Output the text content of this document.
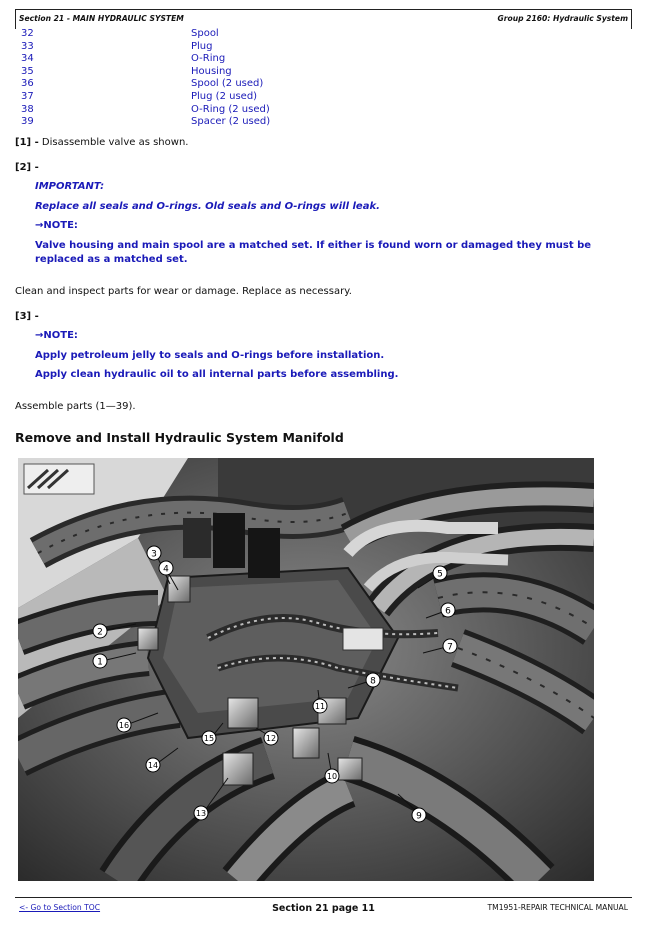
Section 21 - MAIN HYDRAULIC SYSTEM	Group 2160: Hydraulic System
32	Spool
33	Plug
34	O-Ring
35	Housing
36	Spool (2 used)
37	Plug (2 used)
38	O-Ring (2 used)
39	Spacer (2 used)
[1] - Disassemble valve as shown.
[2] -
IMPORTANT:
Replace all seals and O-rings. Old seals and O-rings will leak.
→NOTE:
Valve housing and main spool are a matched set. If either is found worn or damaged they must be
replaced as a matched set.
Clean and inspect parts for wear or damage. Replace as necessary.
[3] -
→NOTE:
Apply petroleum jelly to seals and O-rings before installation.
Apply clean hydraulic oil to all internal parts before assembling.
Assemble parts (1—39).
Remove and Install Hydraulic System Manifold
1
2
3
4	5
6
7
8
9
10
11
12
13
14
15
16
<- Go to Section TOC	Section 21 page 11	TM1951-REPAIR TECHNICAL MANUAL
